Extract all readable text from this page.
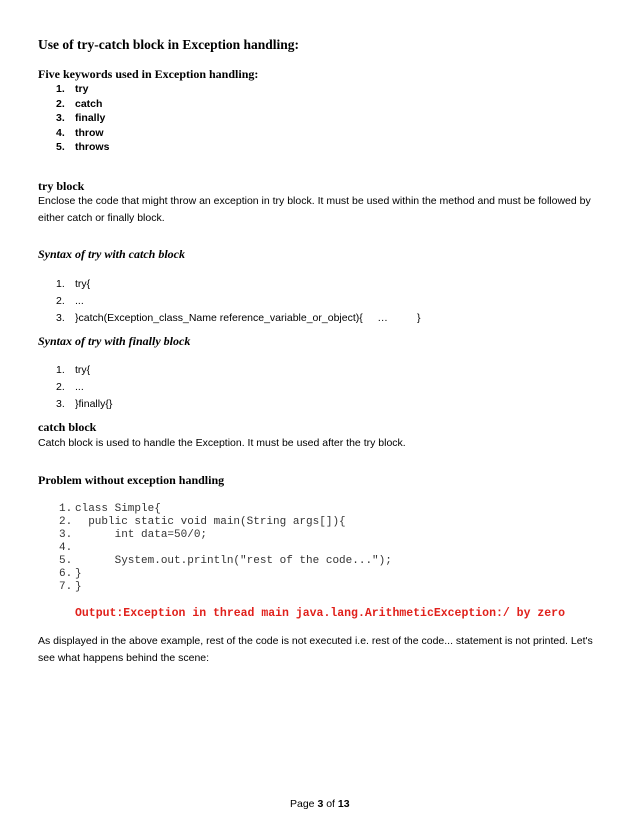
Use of try-catch block in Exception handling:
Five keywords used in Exception handling:
1. try
2. catch
3. finally
4. throw
5. throws
try block
Enclose the code that might throw an exception in try block. It must be used within the method and must be followed by
either catch or finally block.
Syntax of try with catch block
1. try{
2. ...
3. }catch(Exception_class_Name reference_variable_or_object){     …          }
Syntax of try with finally block
1. try{
2. ...
3. }finally{}
catch block
Catch block is used to handle the Exception. It must be used after the try block.
Problem without exception handling
1. class Simple{
2.  public static void main(String args[]){
3.      int data=50/0;
4.
5.      System.out.println("rest of the code...");
6. }
7. }
Output:Exception in thread main java.lang.ArithmeticException:/ by zero
As displayed in the above example, rest of the code is not executed i.e. rest of the code... statement is not printed. Let's
see what happens behind the scene:
Page 3 of 13
